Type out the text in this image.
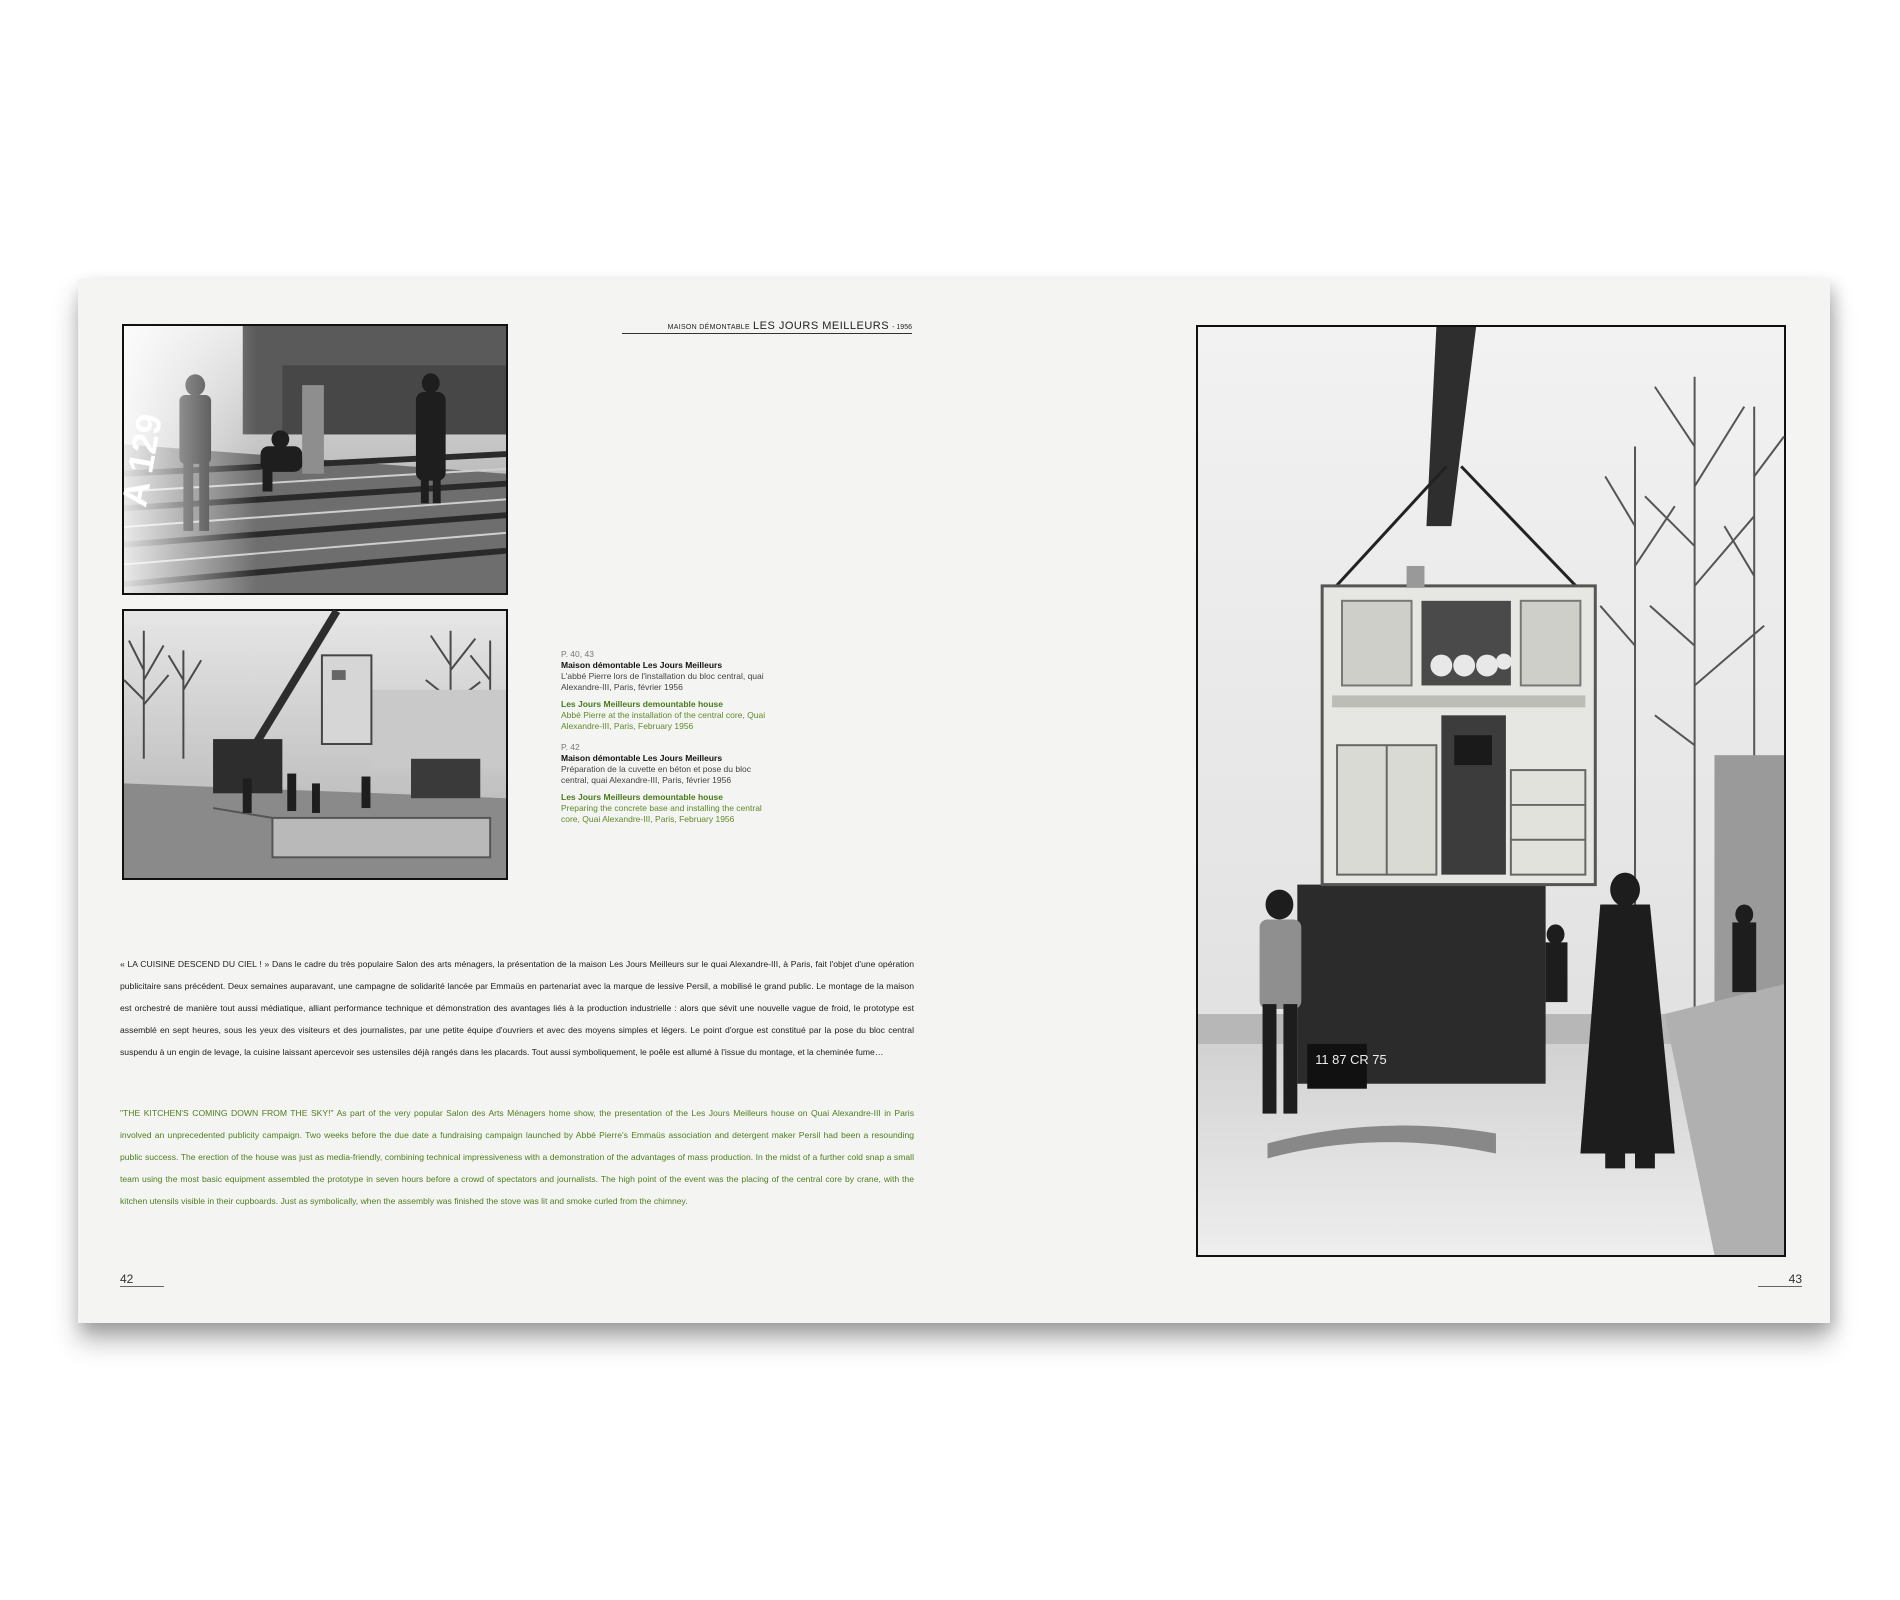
A 129
MAISON DÉMONTABLE LES JOURS MEILLEURS - 1956
P. 40, 43
Maison démontable Les Jours Meilleurs
L'abbé Pierre lors de l'installation du bloc central, quai Alexandre-III, Paris, février 1956
Les Jours Meilleurs demountable house
Abbé Pierre at the installation of the central core, Quai Alexandre-III, Paris, February 1956
P. 42
Maison démontable Les Jours Meilleurs
Préparation de la cuvette en béton et pose du bloc central, quai Alexandre-III, Paris, février 1956
Les Jours Meilleurs demountable house
Preparing the concrete base and installing the central core, Quai Alexandre-III, Paris, February 1956
« LA CUISINE DESCEND DU CIEL ! » Dans le cadre du très populaire Salon des arts ménagers, la présentation de la maison Les Jours Meilleurs sur le quai Alexandre-III, à Paris, fait l'objet d'une opération publicitaire sans précédent. Deux semaines auparavant, une campagne de solidarité lancée par Emmaüs en partenariat avec la marque de lessive Persil, a mobilisé le grand public. Le montage de la maison est orchestré de manière tout aussi médiatique, alliant performance technique et démonstration des avantages liés à la production industrielle : alors que sévit une nouvelle vague de froid, le prototype est assemblé en sept heures, sous les yeux des visiteurs et des journalistes, par une petite équipe d'ouvriers et avec des moyens simples et légers. Le point d'orgue est constitué par la pose du bloc central suspendu à un engin de levage, la cuisine laissant apercevoir ses ustensiles déjà rangés dans les placards. Tout aussi symboliquement, le poêle est allumé à l'issue du montage, et la cheminée fume…
"THE KITCHEN'S COMING DOWN FROM THE SKY!" As part of the very popular Salon des Arts Ménagers home show, the presentation of the Les Jours Meilleurs house on Quai Alexandre-III in Paris involved an unprecedented publicity campaign. Two weeks before the due date a fundraising campaign launched by Abbé Pierre's Emmaüs association and detergent maker Persil had been a resounding public success. The erection of the house was just as media-friendly, combining technical impressiveness with a demonstration of the advantages of mass production. In the midst of a further cold snap a small team using the most basic equipment assembled the prototype in seven hours before a crowd of spectators and journalists. The high point of the event was the placing of the central core by crane, with the kitchen utensils visible in their cupboards. Just as symbolically, when the assembly was finished the stove was lit and smoke curled from the chimney.
42
11 87 CR 75
43
